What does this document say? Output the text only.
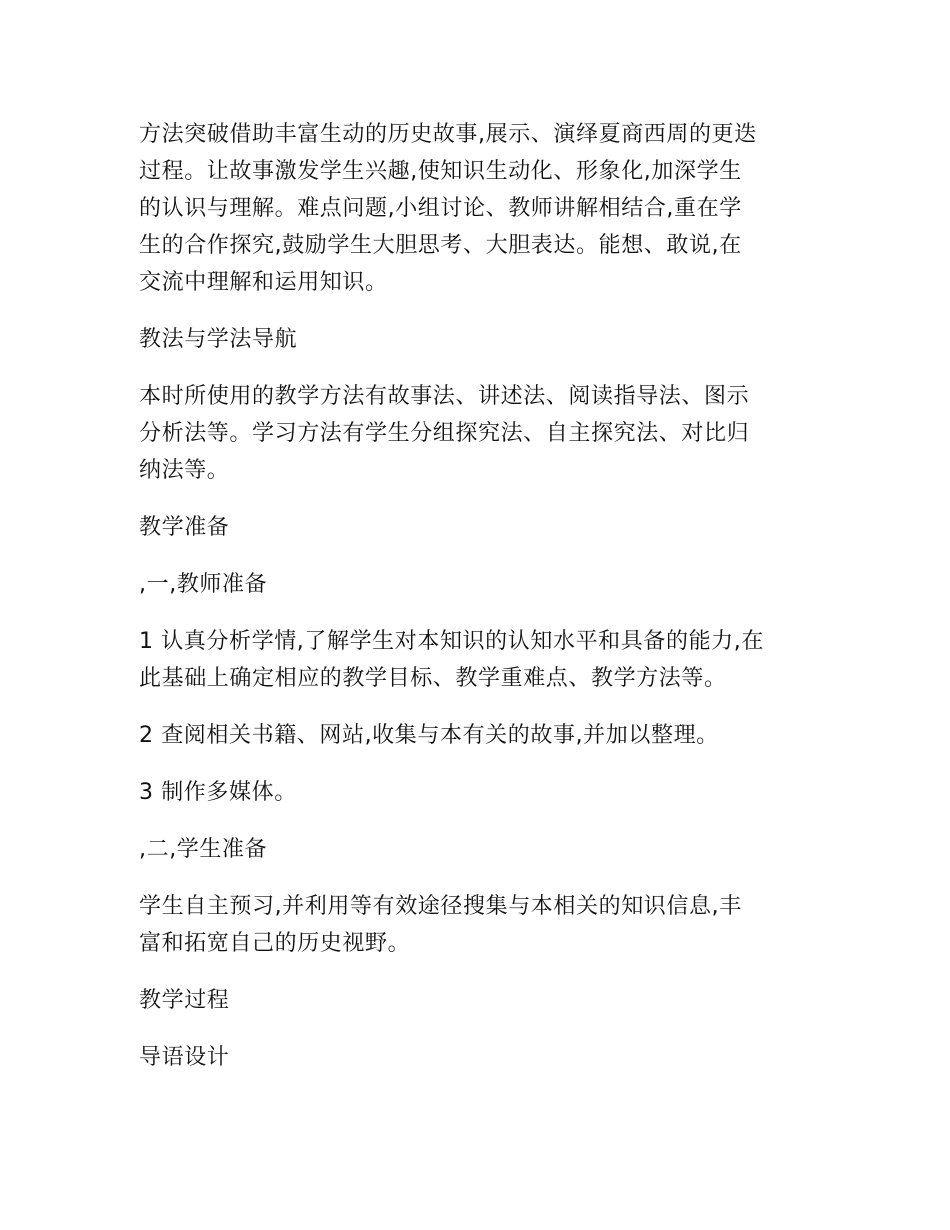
方法突破借助丰富生动的历史故事,展示、演绎夏商西周的更迭
过程。让故事激发学生兴趣,使知识生动化、形象化,加深学生
的认识与理解。难点问题,小组讨论、教师讲解相结合,重在学
生的合作探究,鼓励学生大胆思考、大胆表达。能想、敢说,在
交流中理解和运用知识。

教法与学法导航

本时所使用的教学方法有故事法、讲述法、阅读指导法、图示
分析法等。学习方法有学生分组探究法、自主探究法、对比归
纳法等。

教学准备

,一,教师准备

1 认真分析学情,了解学生对本知识的认知水平和具备的能力,在
此基础上确定相应的教学目标、教学重难点、教学方法等。

2 查阅相关书籍、网站,收集与本有关的故事,并加以整理。

3 制作多媒体。

,二,学生准备

学生自主预习,并利用等有效途径搜集与本相关的知识信息,丰
富和拓宽自己的历史视野。

教学过程

导语设计
